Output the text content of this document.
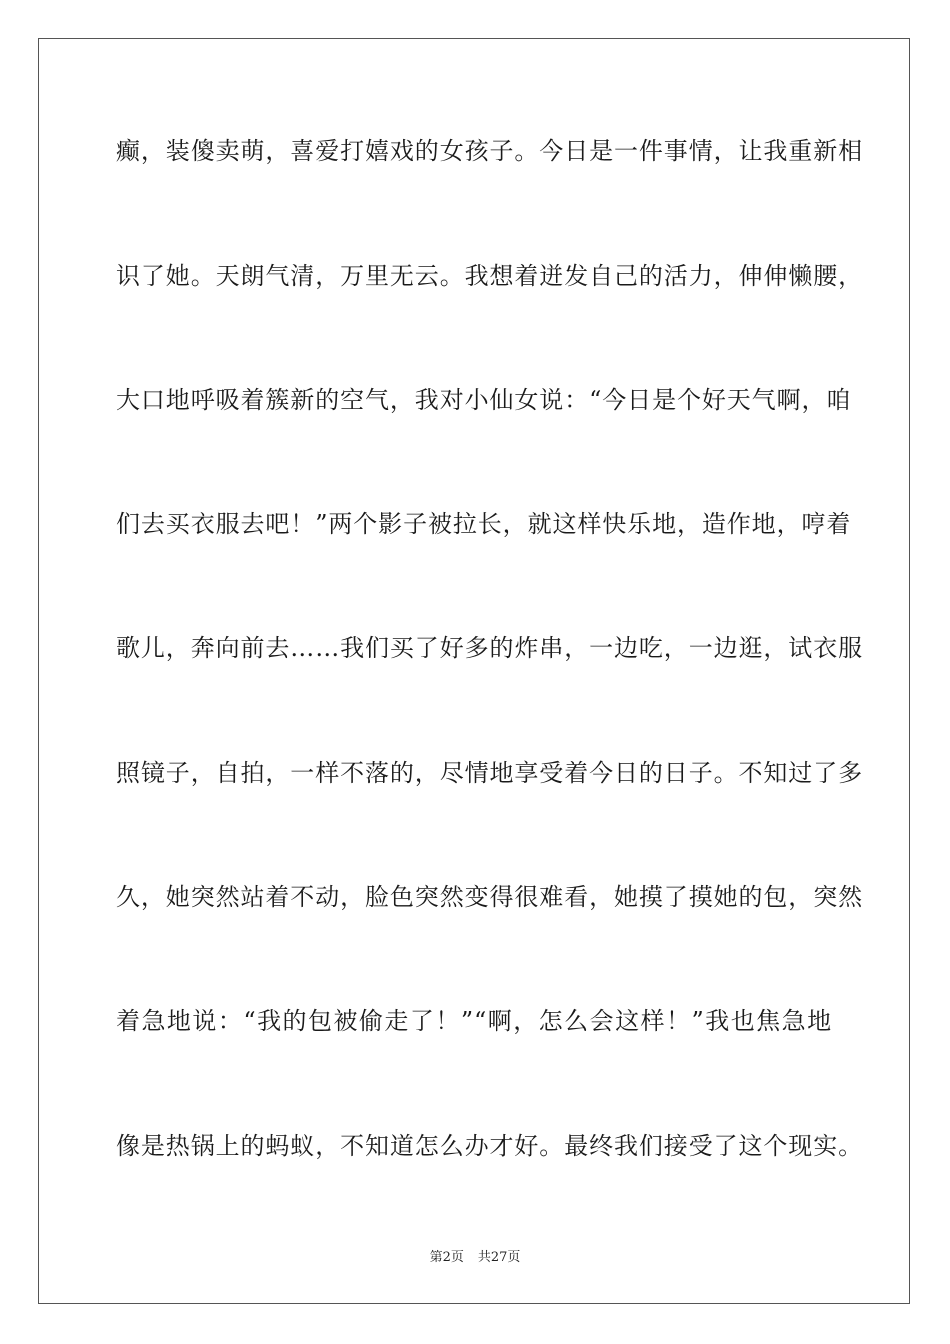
癫，装傻卖萌，喜爱打嬉戏的女孩子。今日是一件事情，让我重新相
识了她。天朗气清，万里无云。我想着迸发自己的活力，伸伸懒腰，
大口地呼吸着簇新的空气，我对小仙女说：“今日是个好天气啊，咱
们去买衣服去吧！”两个影子被拉长，就这样快乐地，造作地，哼着
歌儿，奔向前去……我们买了好多的炸串，一边吃，一边逛，试衣服
照镜子，自拍，一样不落的，尽情地享受着今日的日子。不知过了多
久，她突然站着不动，脸色突然变得很难看，她摸了摸她的包，突然
着急地说：“我的包被偷走了！”“啊，怎么会这样！”我也焦急地
像是热锅上的蚂蚁，不知道怎么办才好。最终我们接受了这个现实。
第2页 共27页
